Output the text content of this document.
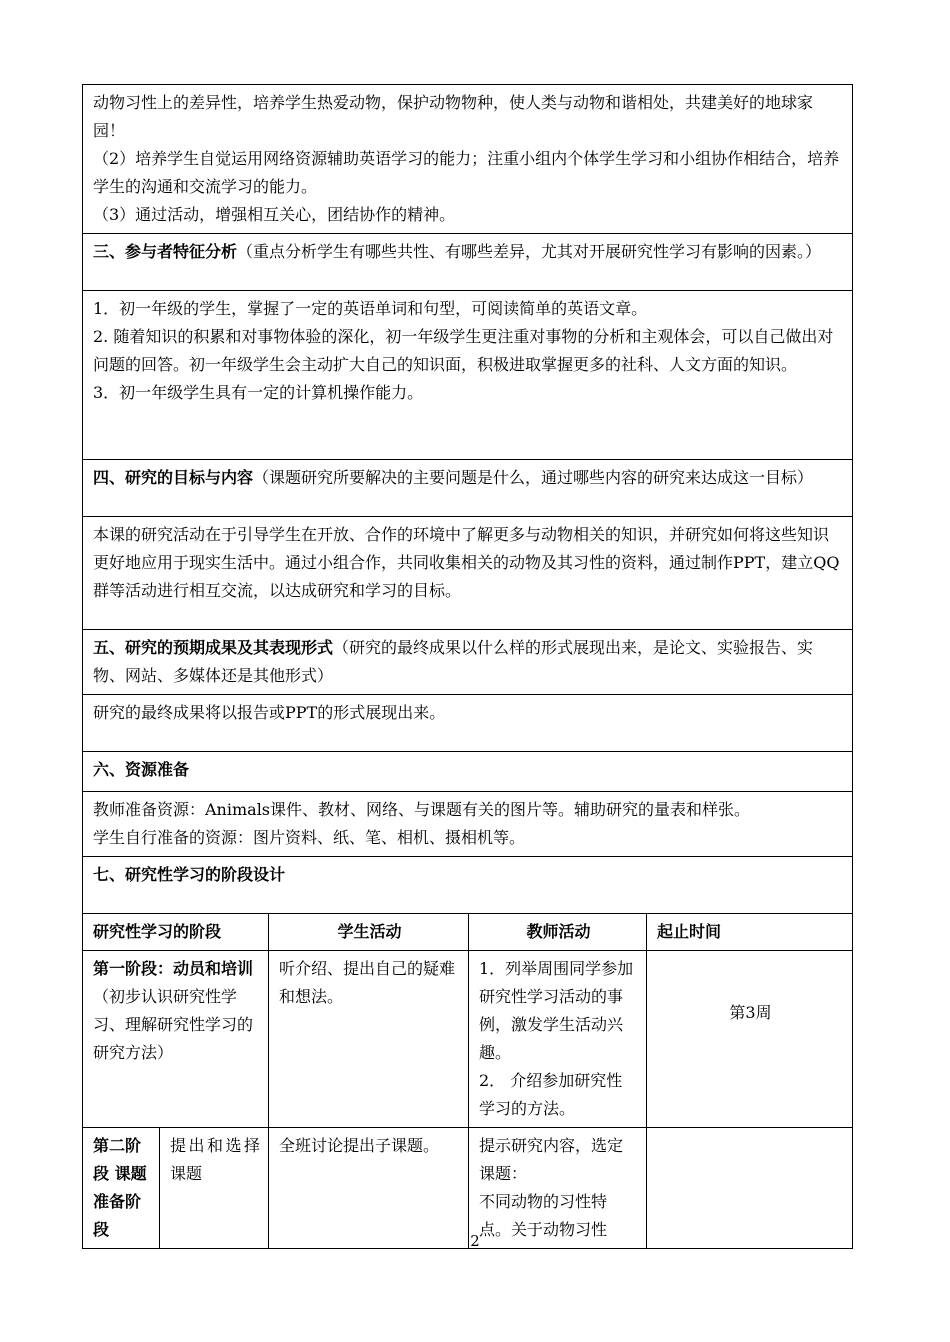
动物习性上的差异性，培养学生热爱动物，保护动物物种，使人类与动物和谐相处，共建美好的地球家园！

（2）培养学生自觉运用网络资源辅助英语学习的能力；注重小组内个体学生学习和小组协作相结合，培养学生的沟通和交流学习的能力。

（3）通过活动，增强相互关心，团结协作的精神。				

三、参与者特征分析（重点分析学生有哪些共性、有哪些差异，尤其对开展研究性学习有影响的因素。）				

1．初一年级的学生，掌握了一定的英语单词和句型，可阅读简单的英语文章。

2. 随着知识的积累和对事物体验的深化，初一年级学生更注重对事物的分析和主观体会，可以自己做出对问题的回答。初一年级学生会主动扩大自己的知识面，积极进取掌握更多的社科、人文方面的知识。

3．初一年级学生具有一定的计算机操作能力。				

四、研究的目标与内容（课题研究所要解决的主要问题是什么，通过哪些内容的研究来达成这一目标）				

本课的研究活动在于引导学生在开放、合作的环境中了解更多与动物相关的知识，并研究如何将这些知识更好地应用于现实生活中。通过小组合作，共同收集相关的动物及其习性的资料，通过制作PPT，建立QQ群等活动进行相互交流，以达成研究和学习的目标。				

五、研究的预期成果及其表现形式（研究的最终成果以什么样的形式展现出来，是论文、实验报告、实物、网站、多媒体还是其他形式）				

研究的最终成果将以报告或PPT的形式展现出来。				

六、资源准备				

教师准备资源：Animals课件、教材、网络、与课题有关的图片等。辅助研究的量表和样张。

学生自行准备的资源：图片资料、纸、笔、相机、摄相机等。				

七、研究性学习的阶段设计				
研究性学习的阶段		学生活动	教师活动	起止时间
第一阶段：动员和培训（初步认识研究性学习、理解研究性学习的研究方法）		听介绍、提出自己的疑难和想法。	1．列举周围同学参加研究性学习活动的事例，激发学生活动兴趣。

2． 介绍参加研究性学习的方法。	第3周
第二阶段 课题准备阶段	提出和选择课题	全班讨论提出子课题。	提示研究内容，选定课题：

不同动物的习性特点。关于动物习性	

2
